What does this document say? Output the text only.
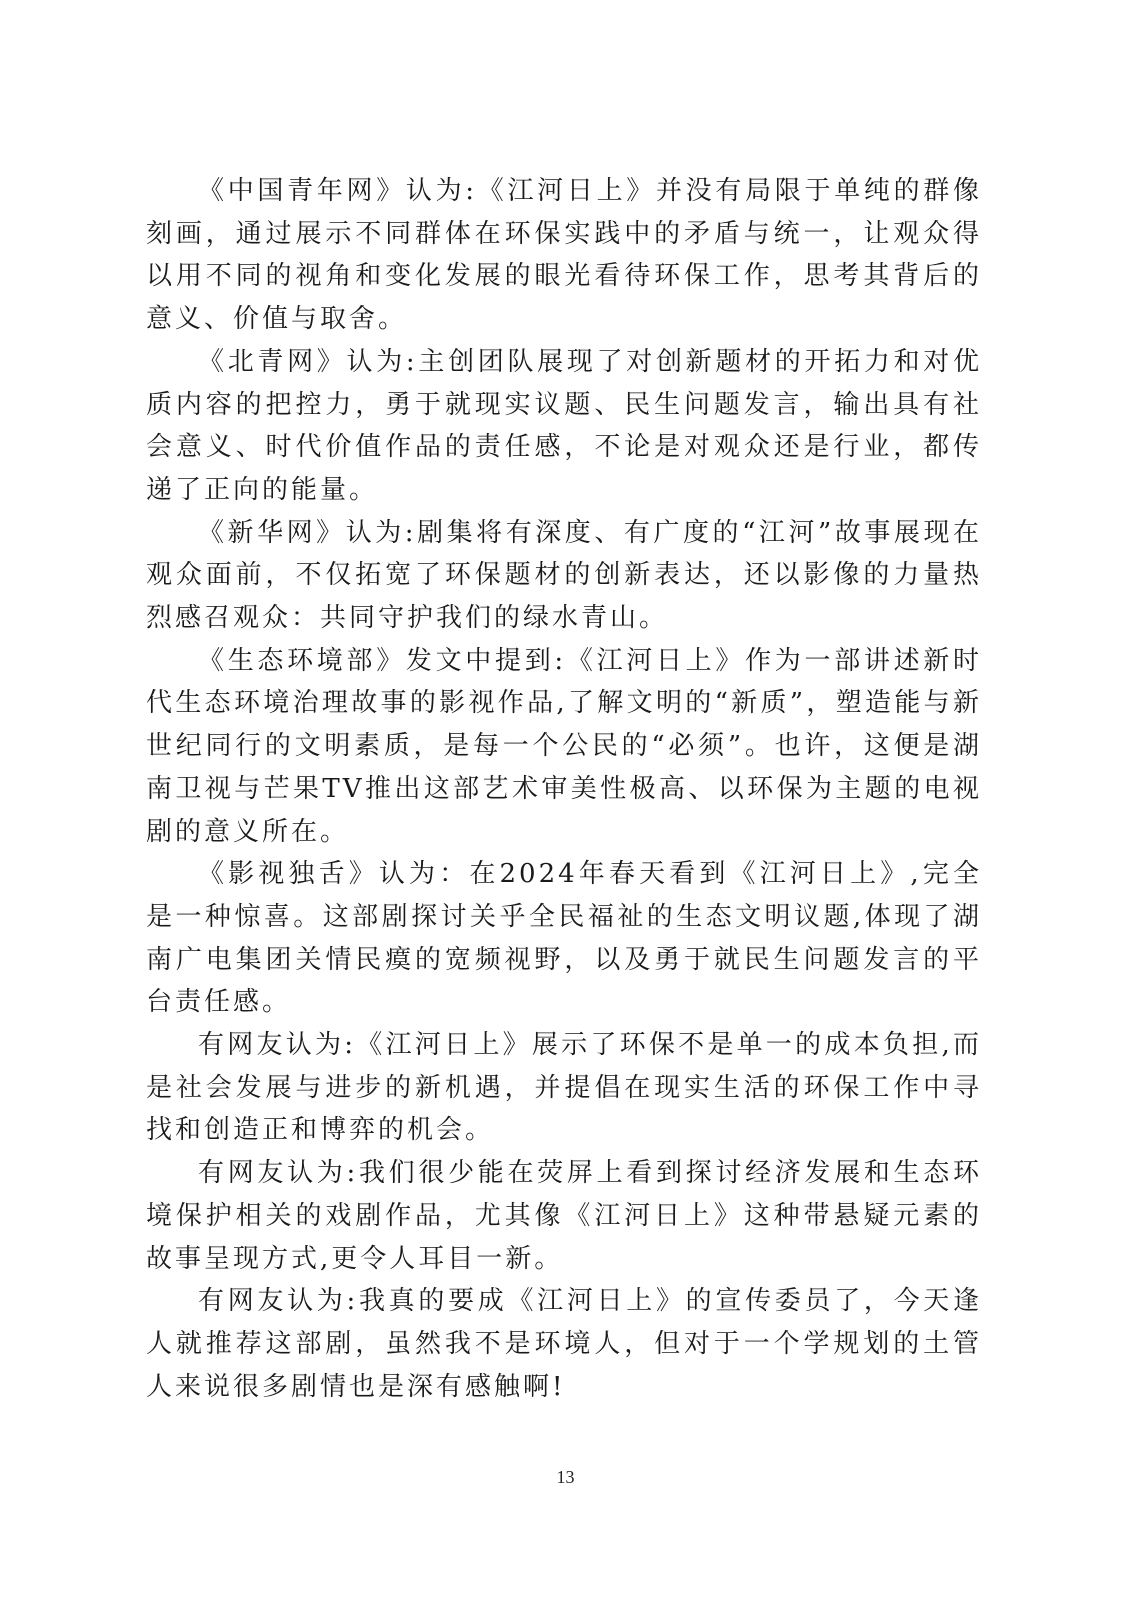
《中国青年网》认为:《江河日上》并没有局限于单纯的群像刻画，通过展示不同群体在环保实践中的矛盾与统一，让观众得以用不同的视角和变化发展的眼光看待环保工作，思考其背后的意义、价值与取舍。

《北青网》认为:主创团队展现了对创新题材的开拓力和对优质内容的把控力，勇于就现实议题、民生问题发言，输出具有社会意义、时代价值作品的责任感，不论是对观众还是行业，都传递了正向的能量。

《新华网》认为:剧集将有深度、有广度的“江河”故事展现在观众面前，不仅拓宽了环保题材的创新表达，还以影像的力量热烈感召观众：共同守护我们的绿水青山。

《生态环境部》发文中提到:《江河日上》作为一部讲述新时代生态环境治理故事的影视作品,了解文明的“新质”，塑造能与新世纪同行的文明素质，是每一个公民的“必须”。也许，这便是湖南卫视与芒果TV推出这部艺术审美性极高、以环保为主题的电视剧的意义所在。

《影视独舌》认为：在2024年春天看到《江河日上》,完全是一种惊喜。这部剧探讨关乎全民福祉的生态文明议题,体现了湖南广电集团关情民瘼的宽频视野，以及勇于就民生问题发言的平台责任感。

有网友认为:《江河日上》展示了环保不是单一的成本负担,而是社会发展与进步的新机遇，并提倡在现实生活的环保工作中寻找和创造正和博弈的机会。

有网友认为:我们很少能在荧屏上看到探讨经济发展和生态环境保护相关的戏剧作品，尤其像《江河日上》这种带悬疑元素的故事呈现方式,更令人耳目一新。

有网友认为:我真的要成《江河日上》的宣传委员了，今天逢人就推荐这部剧，虽然我不是环境人，但对于一个学规划的土管人来说很多剧情也是深有感触啊!

13
